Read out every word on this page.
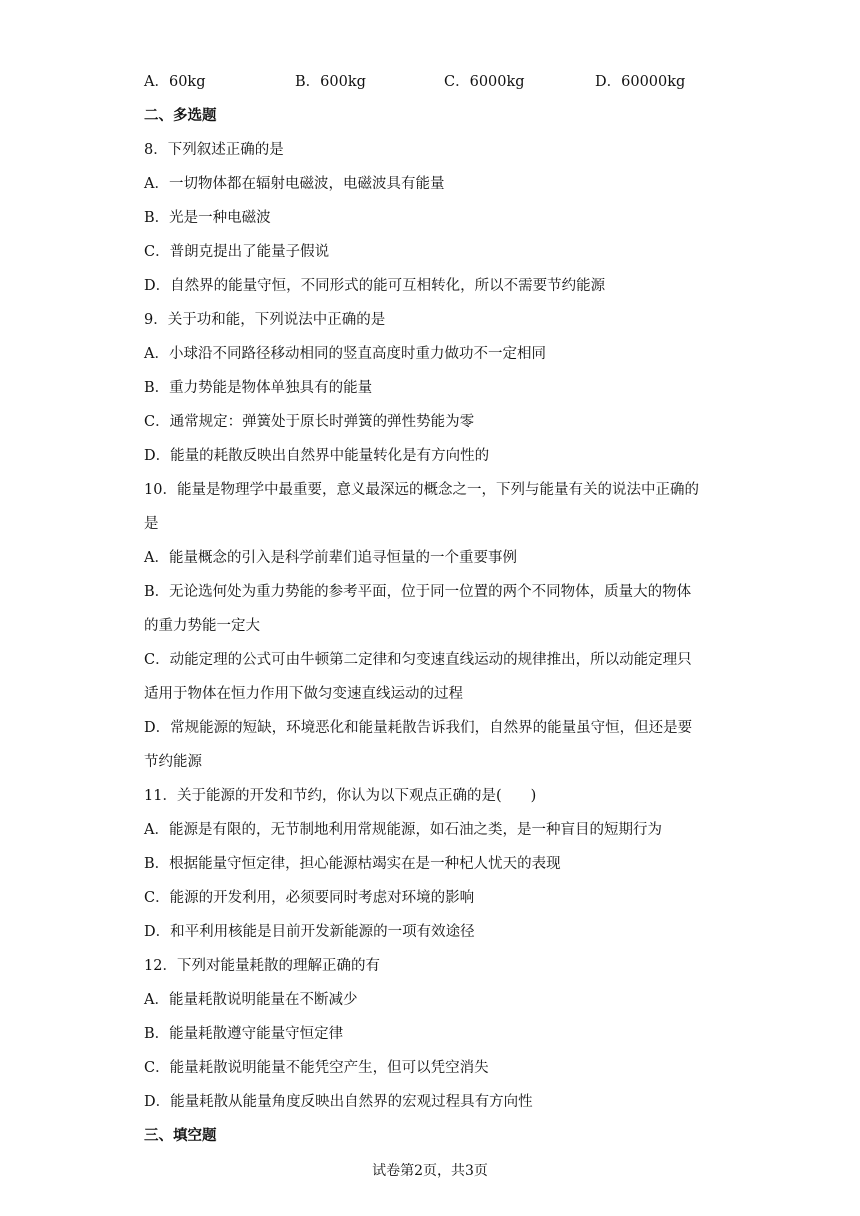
A．60kg	B．600kg	C．6000kg	D．60000kg
二、多选题
8．下列叙述正确的是
A．一切物体都在辐射电磁波，电磁波具有能量
B．光是一种电磁波
C．普朗克提出了能量子假说
D．自然界的能量守恒，不同形式的能可互相转化，所以不需要节约能源
9．关于功和能，下列说法中正确的是
A．小球沿不同路径移动相同的竖直高度时重力做功不一定相同
B．重力势能是物体单独具有的能量
C．通常规定：弹簧处于原长时弹簧的弹性势能为零
D．能量的耗散反映出自然界中能量转化是有方向性的
10．能量是物理学中最重要，意义最深远的概念之一，下列与能量有关的说法中正确的
是
A．能量概念的引入是科学前辈们追寻恒量的一个重要事例
B．无论选何处为重力势能的参考平面，位于同一位置的两个不同物体，质量大的物体
的重力势能一定大
C．动能定理的公式可由牛顿第二定律和匀变速直线运动的规律推出，所以动能定理只
适用于物体在恒力作用下做匀变速直线运动的过程
D．常规能源的短缺，环境恶化和能量耗散告诉我们，自然界的能量虽守恒，但还是要
节约能源
11．关于能源的开发和节约，你认为以下观点正确的是(　　)
A．能源是有限的，无节制地利用常规能源，如石油之类，是一种盲目的短期行为
B．根据能量守恒定律，担心能源枯竭实在是一种杞人忧天的表现
C．能源的开发利用，必须要同时考虑对环境的影响
D．和平利用核能是目前开发新能源的一项有效途径
12．下列对能量耗散的理解正确的有
A．能量耗散说明能量在不断减少
B．能量耗散遵守能量守恒定律
C．能量耗散说明能量不能凭空产生，但可以凭空消失
D．能量耗散从能量角度反映出自然界的宏观过程具有方向性
三、填空题
试卷第2页，共3页
